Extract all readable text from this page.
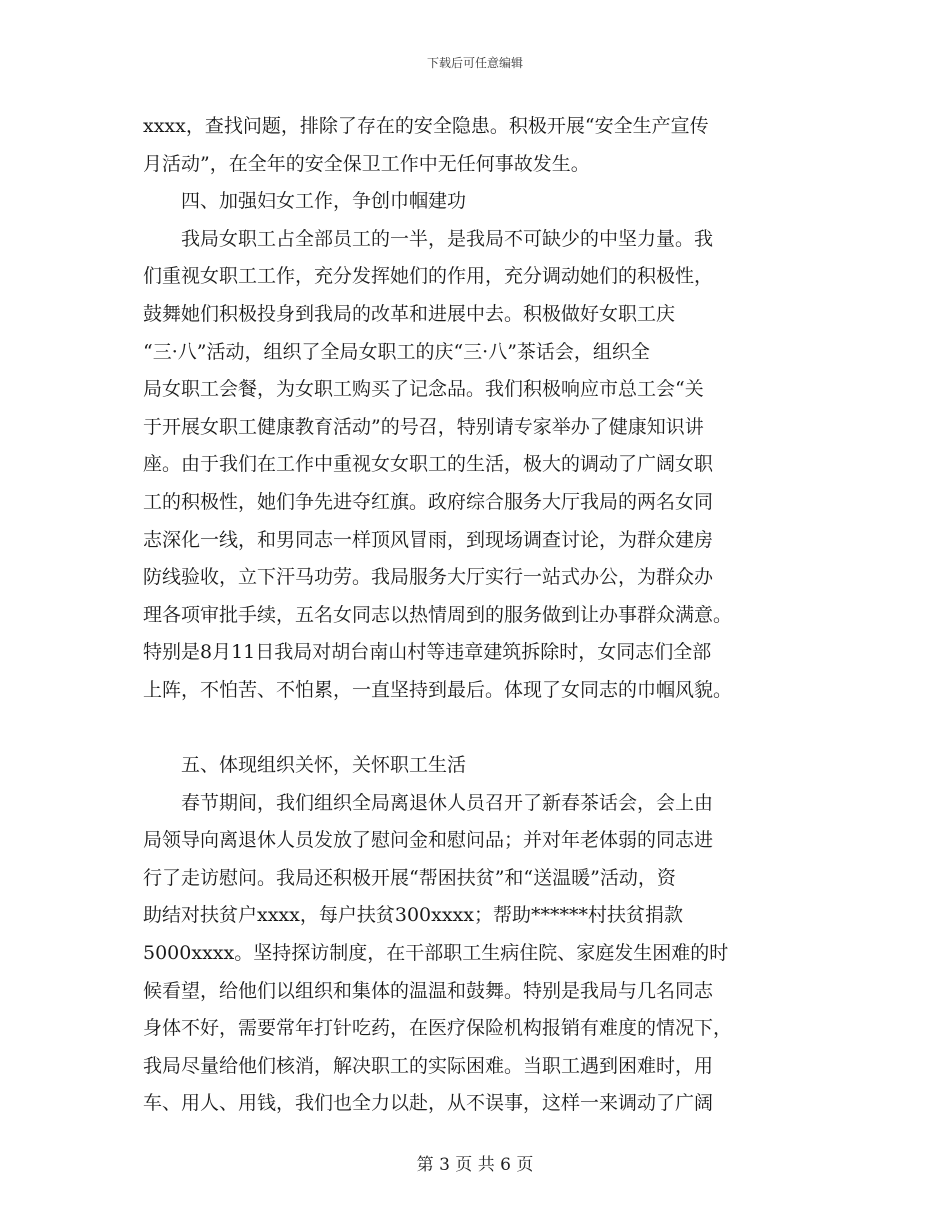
下载后可任意编辑
xxxx，查找问题，排除了存在的安全隐患。积极开展“安全生产宣传
月活动”，在全年的安全保卫工作中无任何事故发生。
四、加强妇女工作，争创巾帼建功
我局女职工占全部员工的一半，是我局不可缺少的中坚力量。我
们重视女职工工作，充分发挥她们的作用，充分调动她们的积极性，
鼓舞她们积极投身到我局的改革和进展中去。积极做好女职工庆
“三·八”活动，组织了全局女职工的庆“三·八”茶话会，组织全
局女职工会餐，为女职工购买了记念品。我们积极响应市总工会“关
于开展女职工健康教育活动”的号召，特别请专家举办了健康知识讲
座。由于我们在工作中重视女女职工的生活，极大的调动了广阔女职
工的积极性，她们争先进夺红旗。政府综合服务大厅我局的两名女同
志深化一线，和男同志一样顶风冒雨，到现场调查讨论，为群众建房
防线验收，立下汗马功劳。我局服务大厅实行一站式办公，为群众办
理各项审批手续，五名女同志以热情周到的服务做到让办事群众满意。
特别是8月11日我局对胡台南山村等违章建筑拆除时，女同志们全部
上阵，不怕苦、不怕累，一直坚持到最后。体现了女同志的巾帼风貌。
五、体现组织关怀，关怀职工生活
春节期间，我们组织全局离退休人员召开了新春茶话会，会上由
局领导向离退休人员发放了慰问金和慰问品；并对年老体弱的同志进
行了走访慰问。我局还积极开展“帮困扶贫”和“送温暖”活动，资
助结对扶贫户xxxx，每户扶贫300xxxx；帮助******村扶贫捐款
5000xxxx。坚持探访制度，在干部职工生病住院、家庭发生困难的时
候看望，给他们以组织和集体的温温和鼓舞。特别是我局与几名同志
身体不好，需要常年打针吃药，在医疗保险机构报销有难度的情况下，
我局尽量给他们核消，解决职工的实际困难。当职工遇到困难时，用
车、用人、用钱，我们也全力以赴，从不误事，这样一来调动了广阔
第 3 页 共 6 页
